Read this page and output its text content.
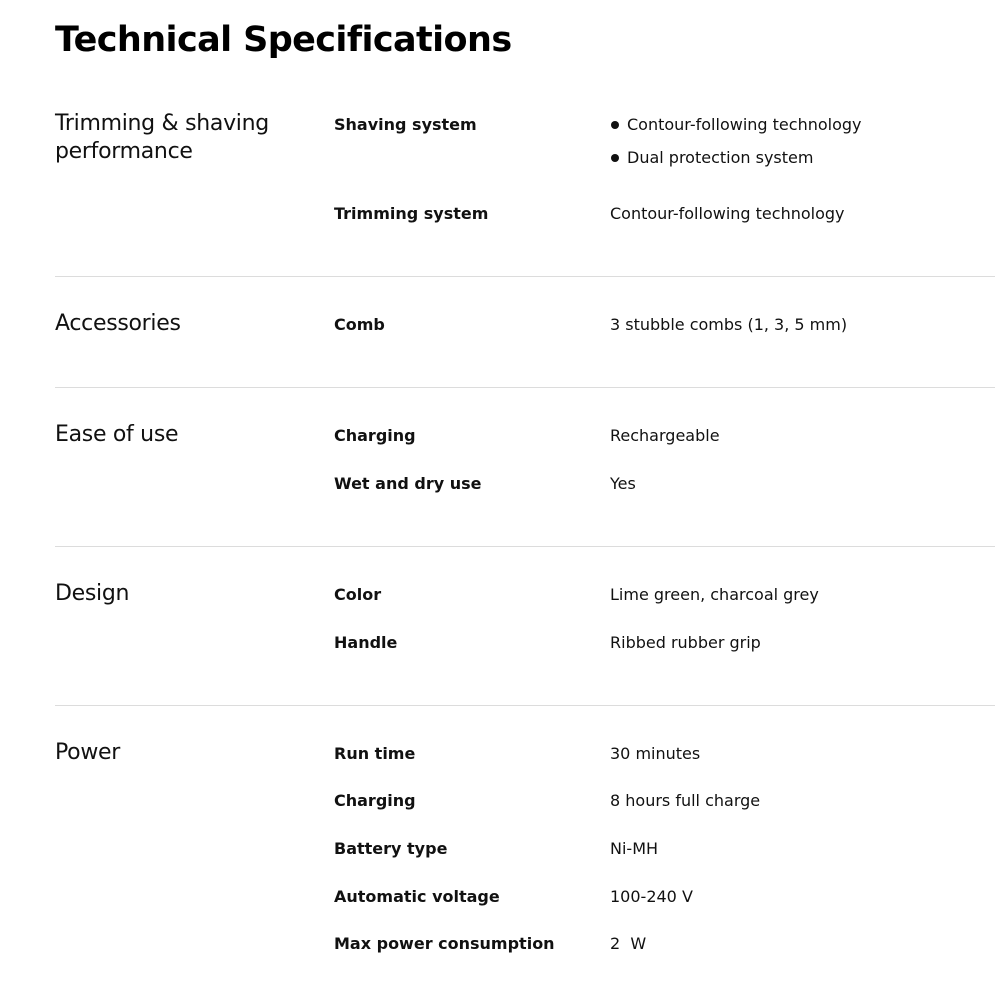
Technical Specifications
Trimming & shaving performance
Shaving system	Contour-following technology
Dual protection system
Trimming system	Contour-following technology
Accessories	Comb	3 stubble combs (1, 3, 5 mm)
Ease of use	Charging	Rechargeable
Wet and dry use	Yes
Design	Color	Lime green, charcoal grey
Handle	Ribbed rubber grip
Power	Run time	30 minutes
Charging	8 hours full charge
Battery type	Ni-MH
Automatic voltage	100-240 V
Max power consumption	2  W
